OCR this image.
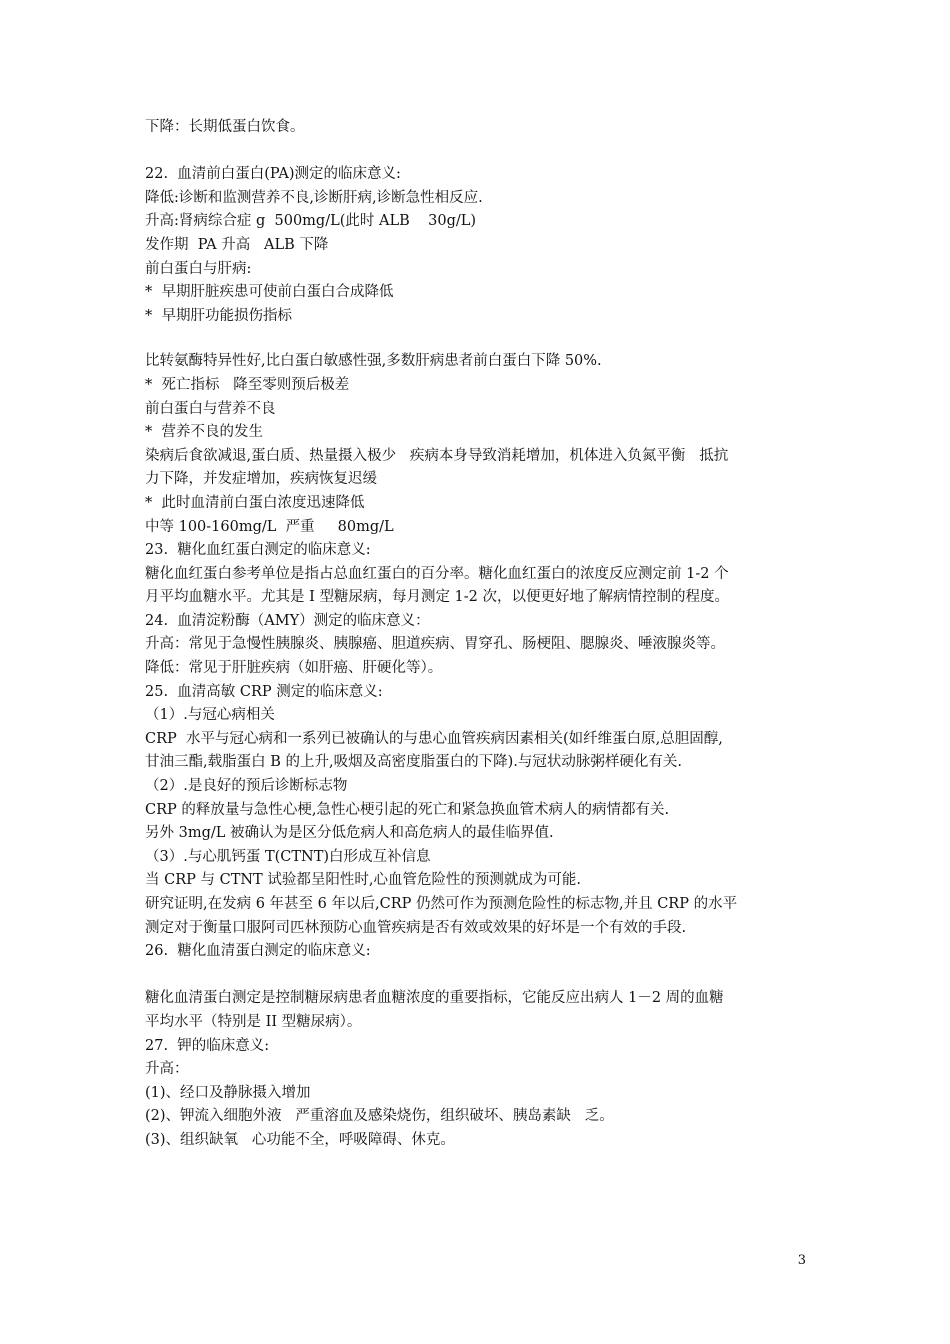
下降：长期低蛋白饮食。
22.  血清前白蛋白(PA)测定的临床意义:
降低:诊断和监测营养不良,诊断肝病,诊断急性相反应.
升高:肾病综合症 g  500mg/L(此时 ALB    30g/L)
发作期  PA 升高   ALB 下降
前白蛋白与肝病:
*  早期肝脏疾患可使前白蛋白合成降低
*  早期肝功能损伤指标
比转氨酶特异性好,比白蛋白敏感性强,多数肝病患者前白蛋白下降 50%.
*  死亡指标   降至零则预后极差
前白蛋白与营养不良
*  营养不良的发生
染病后食欲减退,蛋白质、热量摄入极少   疾病本身导致消耗增加，机体进入负氮平衡   抵抗
力下降，并发症增加，疾病恢复迟缓
*  此时血清前白蛋白浓度迅速降低
中等 100-160mg/L  严重     80mg/L
23.  糖化血红蛋白测定的临床意义:
糖化血红蛋白参考单位是指占总血红蛋白的百分率。糖化血红蛋白的浓度反应测定前 1-2 个
月平均血糖水平。尤其是 I 型糖尿病，每月测定 1-2 次，以便更好地了解病情控制的程度。
24.  血清淀粉酶（AMY）测定的临床意义：
升高：常见于急慢性胰腺炎、胰腺癌、胆道疾病、胃穿孔、肠梗阻、腮腺炎、唾液腺炎等。
降低：常见于肝脏疾病（如肝癌、肝硬化等）。
25.  血清高敏 CRP 测定的临床意义:
（1）.与冠心病相关
CRP  水平与冠心病和一系列已被确认的与患心血管疾病因素相关(如纤维蛋白原,总胆固醇,
甘油三酯,载脂蛋白 B 的上升,吸烟及高密度脂蛋白的下降).与冠状动脉粥样硬化有关.
（2）.是良好的预后诊断标志物
CRP 的释放量与急性心梗,急性心梗引起的死亡和紧急换血管术病人的病情都有关.
另外 3mg/L 被确认为是区分低危病人和高危病人的最佳临界值.
（3）.与心肌钙蛋 T(CTNT)白形成互补信息
当 CRP 与 CTNT 试验都呈阳性时,心血管危险性的预测就成为可能.
研究证明,在发病 6 年甚至 6 年以后,CRP 仍然可作为预测危险性的标志物,并且 CRP 的水平
测定对于衡量口服阿司匹林预防心血管疾病是否有效或效果的好坏是一个有效的手段.
26.  糖化血清蛋白测定的临床意义:
糖化血清蛋白测定是控制糖尿病患者血糖浓度的重要指标，它能反应出病人 1－2 周的血糖
平均水平（特别是 II 型糖尿病）。
27.  钾的临床意义:
升高：
(1)、经口及静脉摄入增加
(2)、钾流入细胞外液   严重溶血及感染烧伤，组织破坏、胰岛素缺   乏。
(3)、组织缺氧   心功能不全，呼吸障碍、休克。
3
